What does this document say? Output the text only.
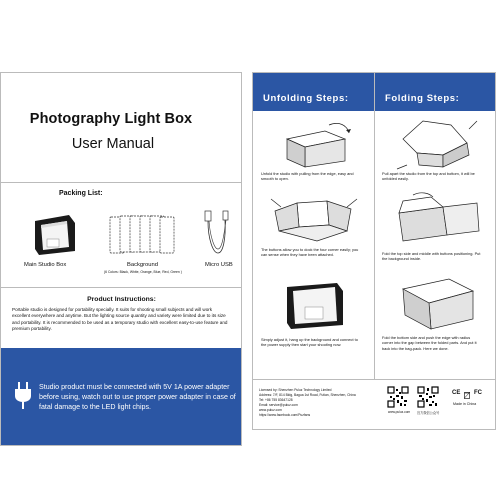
Photography Light Box
User Manual
Packing List:
Main Studio Box	Background
(6 Colors: Black, White, Orange, Blue, Red, Green )
Micro USB
Product Instructions:
Portable studio is designed for portability specially. It suits for shooting small subjects and will work excellent everywhere and anytime. But the lighting source quantity and variety were limited due to its size and portability. It is recommended to be used as a temporary studio with excellent easy-to-use feature and premium portability.
Studio product must be connected with 5V 1A power adapter before using, watch out to use proper power adapter in case of fatal damage to the LED light chips.
Unfolding Steps:	Folding Steps:
Unfold the studio with pulling from the edge, easy and smooth to open.
The buttons allow you to dock the four corner easily; you can sense when they have been attached.
Simply adjust it, hang up the background and connect to the power supply then start your shooting now.
Pull apart the studio from the top and bottom, it will be unfolded easily.
Fold the top side and middle with buttons positioning. Put the background inside.
Fold the bottom side and push the edge with radius corner into the gap between the folded parts. And put it back into the bag-pack. Here we done.
Licensed by: Shenzhen Puluz Technology Limited
Address: 7/F, 814 Bldg, Bagua 1st Road, Futian, Shenzhen, China
Tel: +86 755 83647128
Email: service@puluz.com
www.puluz.com
https://www.facebook.com/Puzfans
www.puluz.com 官方微信公众号
CE FC
Made in China
